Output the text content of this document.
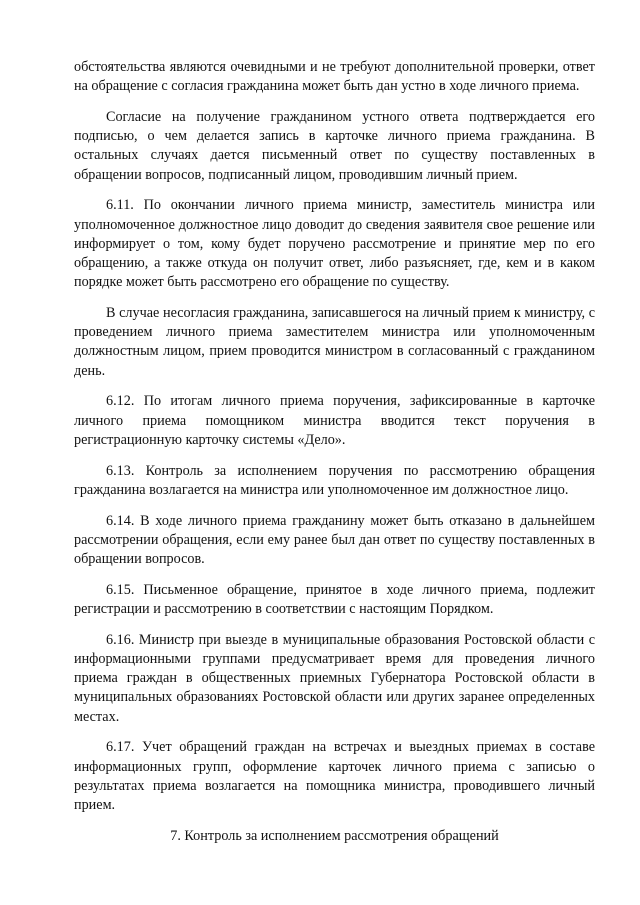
обстоятельства являются очевидными и не требуют дополнительной проверки, ответ на обращение с согласия гражданина может быть дан устно в ходе личного приема.

Согласие на получение гражданином устного ответа подтверждается его подписью, о чем делается запись в карточке личного приема гражданина. В остальных случаях дается письменный ответ по существу поставленных в обращении вопросов, подписанный лицом, проводившим личный прием.

6.11. По окончании личного приема министр, заместитель министра или уполномоченное должностное лицо доводит до сведения заявителя свое решение или информирует о том, кому будет поручено рассмотрение и принятие мер по его обращению, а также откуда он получит ответ, либо разъясняет, где, кем и в каком порядке может быть рассмотрено его обращение по существу.

В случае несогласия гражданина, записавшегося на личный прием к министру, с проведением личного приема заместителем министра или уполномоченным должностным лицом, прием проводится министром в согласованный с гражданином день.

6.12. По итогам личного приема поручения, зафиксированные в карточке личного приема помощником министра вводится текст поручения в регистрационную карточку системы «Дело».

6.13. Контроль за исполнением поручения по рассмотрению обращения гражданина возлагается на министра или уполномоченное им должностное лицо.

6.14. В ходе личного приема гражданину может быть отказано в дальнейшем рассмотрении обращения, если ему ранее был дан ответ по существу поставленных в обращении вопросов.

6.15. Письменное обращение, принятое в ходе личного приема, подлежит регистрации и рассмотрению в соответствии с настоящим Порядком.

6.16. Министр при выезде в муниципальные образования Ростовской области с информационными группами предусматривает время для проведения личного приема граждан в общественных приемных Губернатора Ростовской области в муниципальных образованиях Ростовской области или других заранее определенных местах.

6.17. Учет обращений граждан на встречах и выездных приемах в составе информационных групп, оформление карточек личного приема с записью о результатах приема возлагается на помощника министра, проводившего личный прием.

7. Контроль за исполнением рассмотрения обращений
